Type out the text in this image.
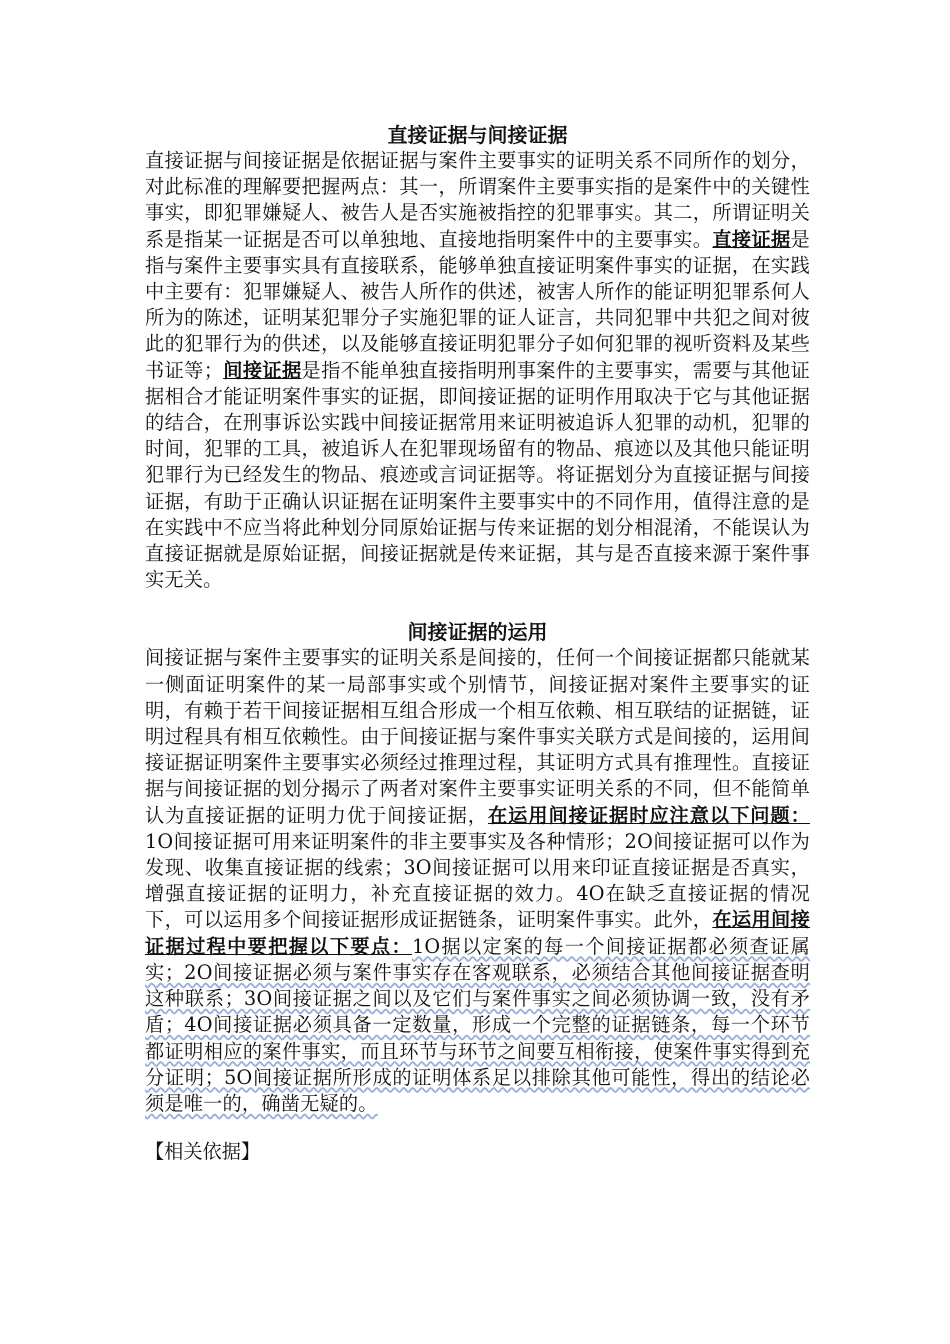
直接证据与间接证据

直接证据与间接证据是依据证据与案件主要事实的证明关系不同所作的划分，对此标准的理解要把握两点：其一，所谓案件主要事实指的是案件中的关键性事实，即犯罪嫌疑人、被告人是否实施被指控的犯罪事实。其二，所谓证明关系是指某一证据是否可以单独地、直接地指明案件中的主要事实。直接证据是指与案件主要事实具有直接联系，能够单独直接证明案件事实的证据，在实践中主要有：犯罪嫌疑人、被告人所作的供述，被害人所作的能证明犯罪系何人所为的陈述，证明某犯罪分子实施犯罪的证人证言，共同犯罪中共犯之间对彼此的犯罪行为的供述，以及能够直接证明犯罪分子如何犯罪的视听资料及某些书证等；间接证据是指不能单独直接指明刑事案件的主要事实，需要与其他证据相合才能证明案件事实的证据，即间接证据的证明作用取决于它与其他证据的结合，在刑事诉讼实践中间接证据常用来证明被追诉人犯罪的动机，犯罪的时间，犯罪的工具，被追诉人在犯罪现场留有的物品、痕迹以及其他只能证明犯罪行为已经发生的物品、痕迹或言词证据等。将证据划分为直接证据与间接证据，有助于正确认识证据在证明案件主要事实中的不同作用，值得注意的是在实践中不应当将此种划分同原始证据与传来证据的划分相混淆，不能误认为直接证据就是原始证据，间接证据就是传来证据，其与是否直接来源于案件事实无关。

间接证据的运用

间接证据与案件主要事实的证明关系是间接的，任何一个间接证据都只能就某一侧面证明案件的某一局部事实或个别情节，间接证据对案件主要事实的证明，有赖于若干间接证据相互组合形成一个相互依赖、相互联结的证据链，证明过程具有相互依赖性。由于间接证据与案件事实关联方式是间接的，运用间接证据证明案件主要事实必须经过推理过程，其证明方式具有推理性。直接证据与间接证据的划分揭示了两者对案件主要事实证明关系的不同，但不能简单认为直接证据的证明力优于间接证据，在运用间接证据时应注意以下问题：1O间接证据可用来证明案件的非主要事实及各种情形；2O间接证据可以作为发现、收集直接证据的线索；3O间接证据可以用来印证直接证据是否真实，增强直接证据的证明力，补充直接证据的效力。4O在缺乏直接证据的情况下，可以运用多个间接证据形成证据链条，证明案件事实。此外，在运用间接证据过程中要把握以下要点：1O据以定案的每一个间接证据都必须查证属实；2O间接证据必须与案件事实存在客观联系，必须结合其他间接证据查明这种联系；3O间接证据之间以及它们与案件事实之间必须协调一致，没有矛盾；4O间接证据必须具备一定数量，形成一个完整的证据链条，每一个环节都证明相应的案件事实，而且环节与环节之间要互相衔接，使案件事实得到充分证明；5O间接证据所形成的证明体系足以排除其他可能性，得出的结论必须是唯一的，确凿无疑的。

【相关依据】
